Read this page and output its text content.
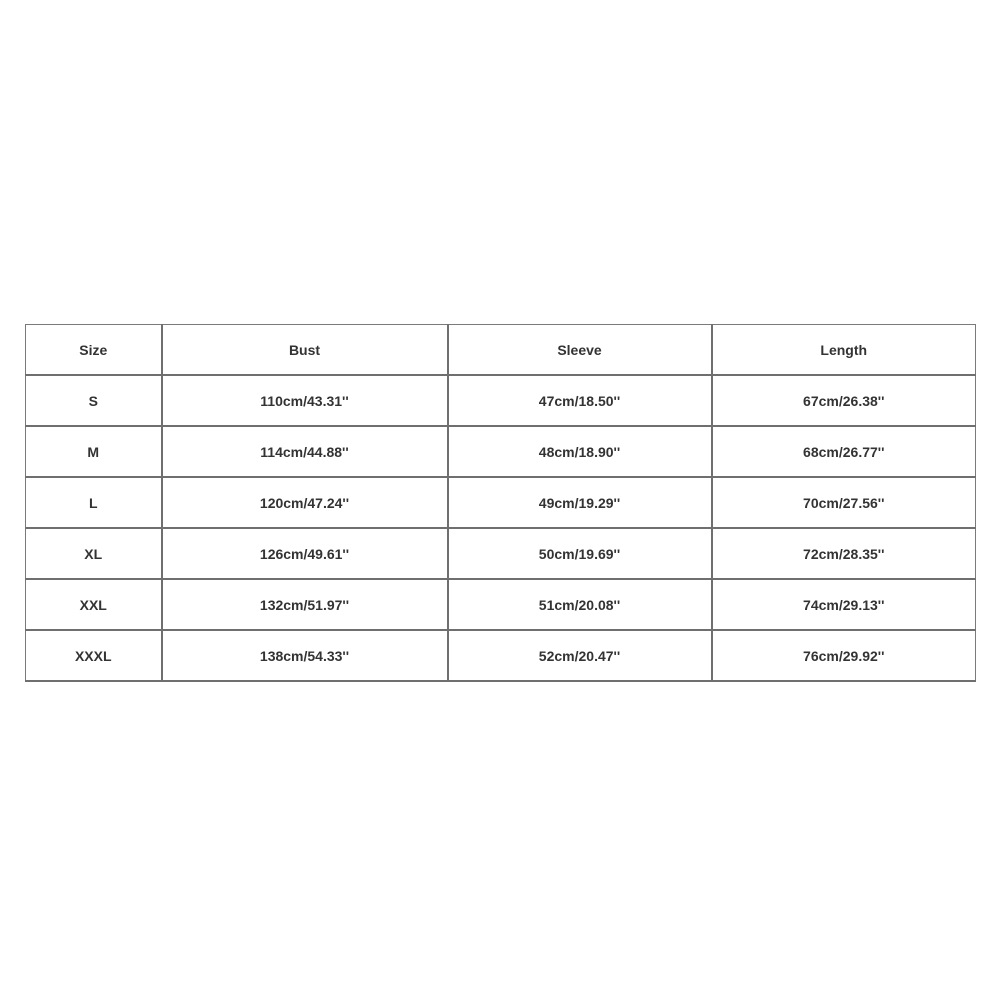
Size	Bust	Sleeve	Length
S	110cm/43.31''	47cm/18.50''	67cm/26.38''
M	114cm/44.88''	48cm/18.90''	68cm/26.77''
L	120cm/47.24''	49cm/19.29''	70cm/27.56''
XL	126cm/49.61''	50cm/19.69''	72cm/28.35''
XXL	132cm/51.97''	51cm/20.08''	74cm/29.13''
XXXL	138cm/54.33''	52cm/20.47''	76cm/29.92''
